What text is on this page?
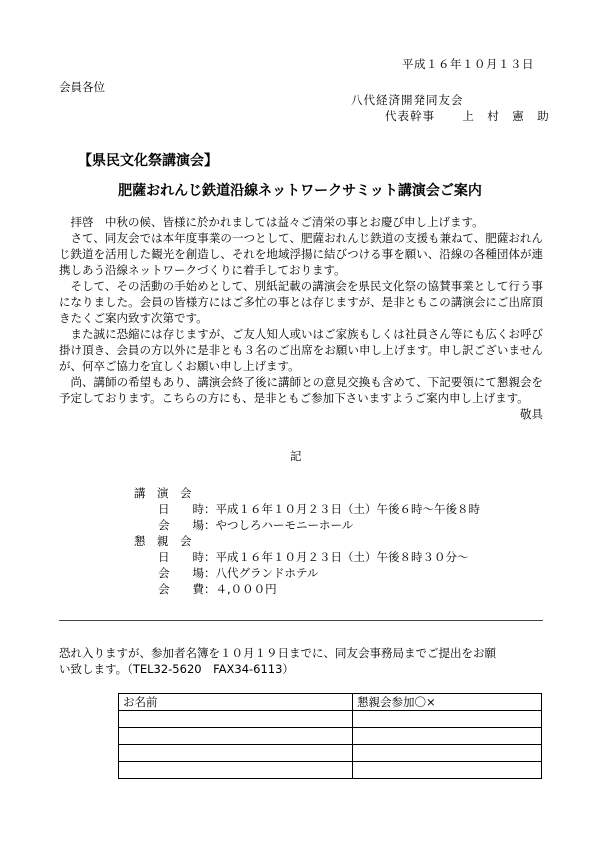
平成１６年１０月１３日
会員各位
八代経済開発同友会
代表幹事 上　村　憲　助
【県民文化祭講演会】
肥薩おれんじ鉄道沿線ネットワークサミット講演会ご案内

拝啓　中秋の候、皆様に於かれましては益々ご清栄の事とお慶び申し上げます。

さて、同友会では本年度事業の一つとして、肥薩おれんじ鉄道の支援も兼ねて、肥薩おれんじ鉄道を活用した観光を創造し、それを地域浮揚に結びつける事を願い、沿線の各種団体が連携しあう沿線ネットワークづくりに着手しております。

そして、その活動の手始めとして、別紙記載の講演会を県民文化祭の協賛事業として行う事になりました。会員の皆様方にはご多忙の事とは存じますが、是非ともこの講演会にご出席頂きたくご案内致す次第です。

また誠に恐縮には存じますが、ご友人知人或いはご家族もしくは社員さん等にも広くお呼び掛け頂き、会員の方以外に是非とも３名のご出席をお願い申し上げます。申し訳ございませんが、何卒ご協力を宜しくお願い申し上げます。

尚、講師の希望もあり、講演会終了後に講師との意見交換も含めて、下記要領にて懇親会を予定しております。こちらの方にも、是非ともご参加下さいますようご案内申し上げます。

敬具
記
講　演　会
日　　時：平成１６年１０月２３日（土）午後６時～午後８時
会　　場：やつしろハーモニーホール
懇　親　会
日　　時：平成１６年１０月２３日（土）午後８時３０分～
会　　場：八代グランドホテル
会　　費：４,０００円

恐れ入りますが、参加者名簿を１０月１９日までに、同友会事務局までご提出をお願

い致します。（TEL32-5620　FAX34-6113）

お名前	懇親会参加〇×
